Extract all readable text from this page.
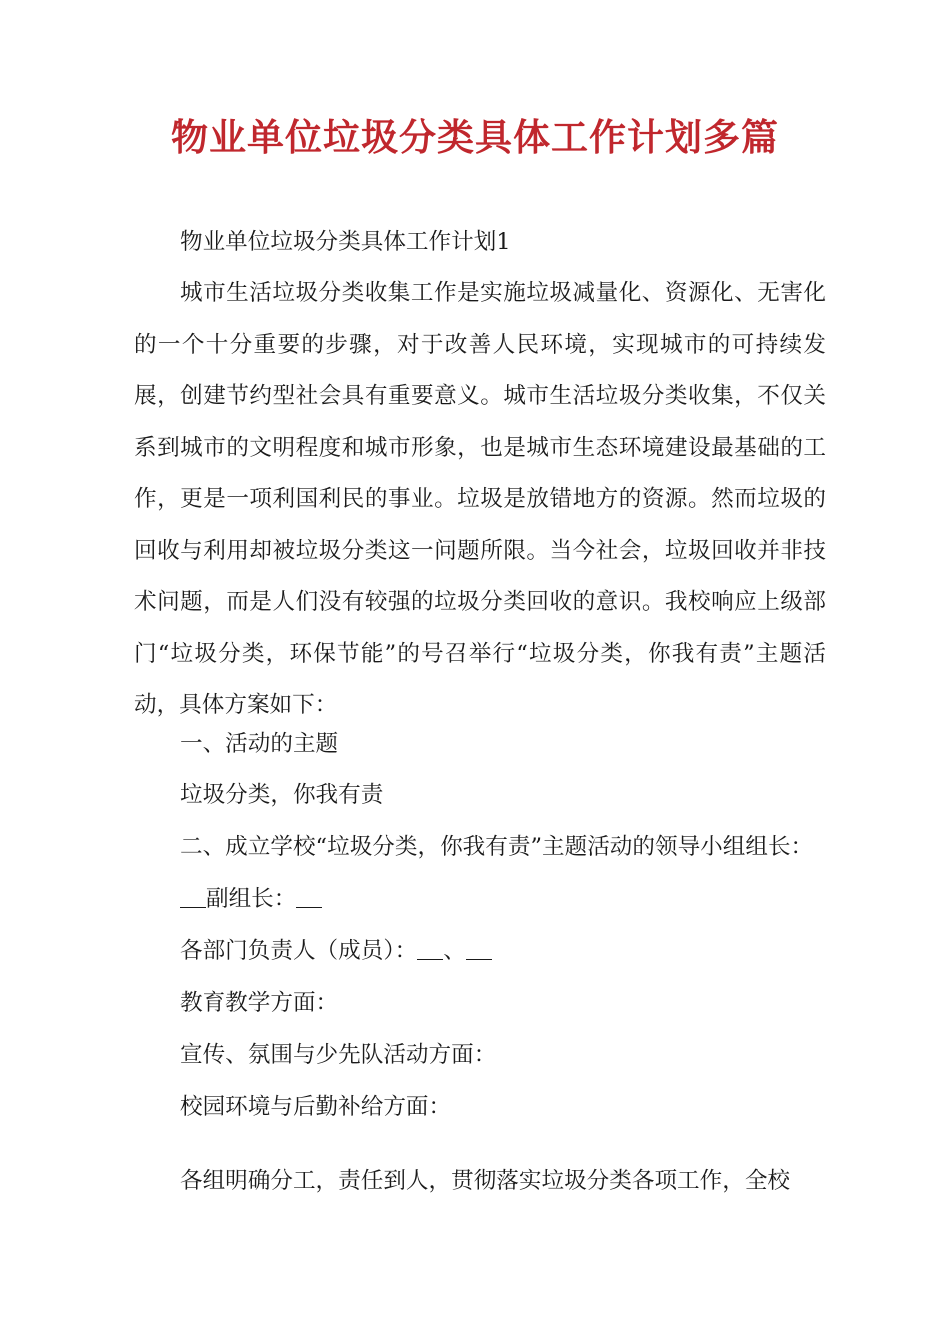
物业单位垃圾分类具体工作计划多篇

物业单位垃圾分类具体工作计划1

城市生活垃圾分类收集工作是实施垃圾减量化、资源化、无害化的一个十分重要的步骤，对于改善人民环境，实现城市的可持续发展，创建节约型社会具有重要意义。城市生活垃圾分类收集，不仅关系到城市的文明程度和城市形象，也是城市生态环境建设最基础的工作，更是一项利国利民的事业。垃圾是放错地方的资源。然而垃圾的回收与利用却被垃圾分类这一问题所限。当今社会，垃圾回收并非技术问题，而是人们没有较强的垃圾分类回收的意识。我校响应上级部门“垃圾分类，环保节能”的号召举行“垃圾分类，你我有责”主题活动，具体方案如下：

一、活动的主题

垃圾分类，你我有责

二、成立学校“垃圾分类，你我有责”主题活动的领导小组组长：

副组长：

各部门负责人（成员）： 、

教育教学方面：

宣传、氛围与少先队活动方面：

校园环境与后勤补给方面：

各组明确分工，责任到人，贯彻落实垃圾分类各项工作，全校
